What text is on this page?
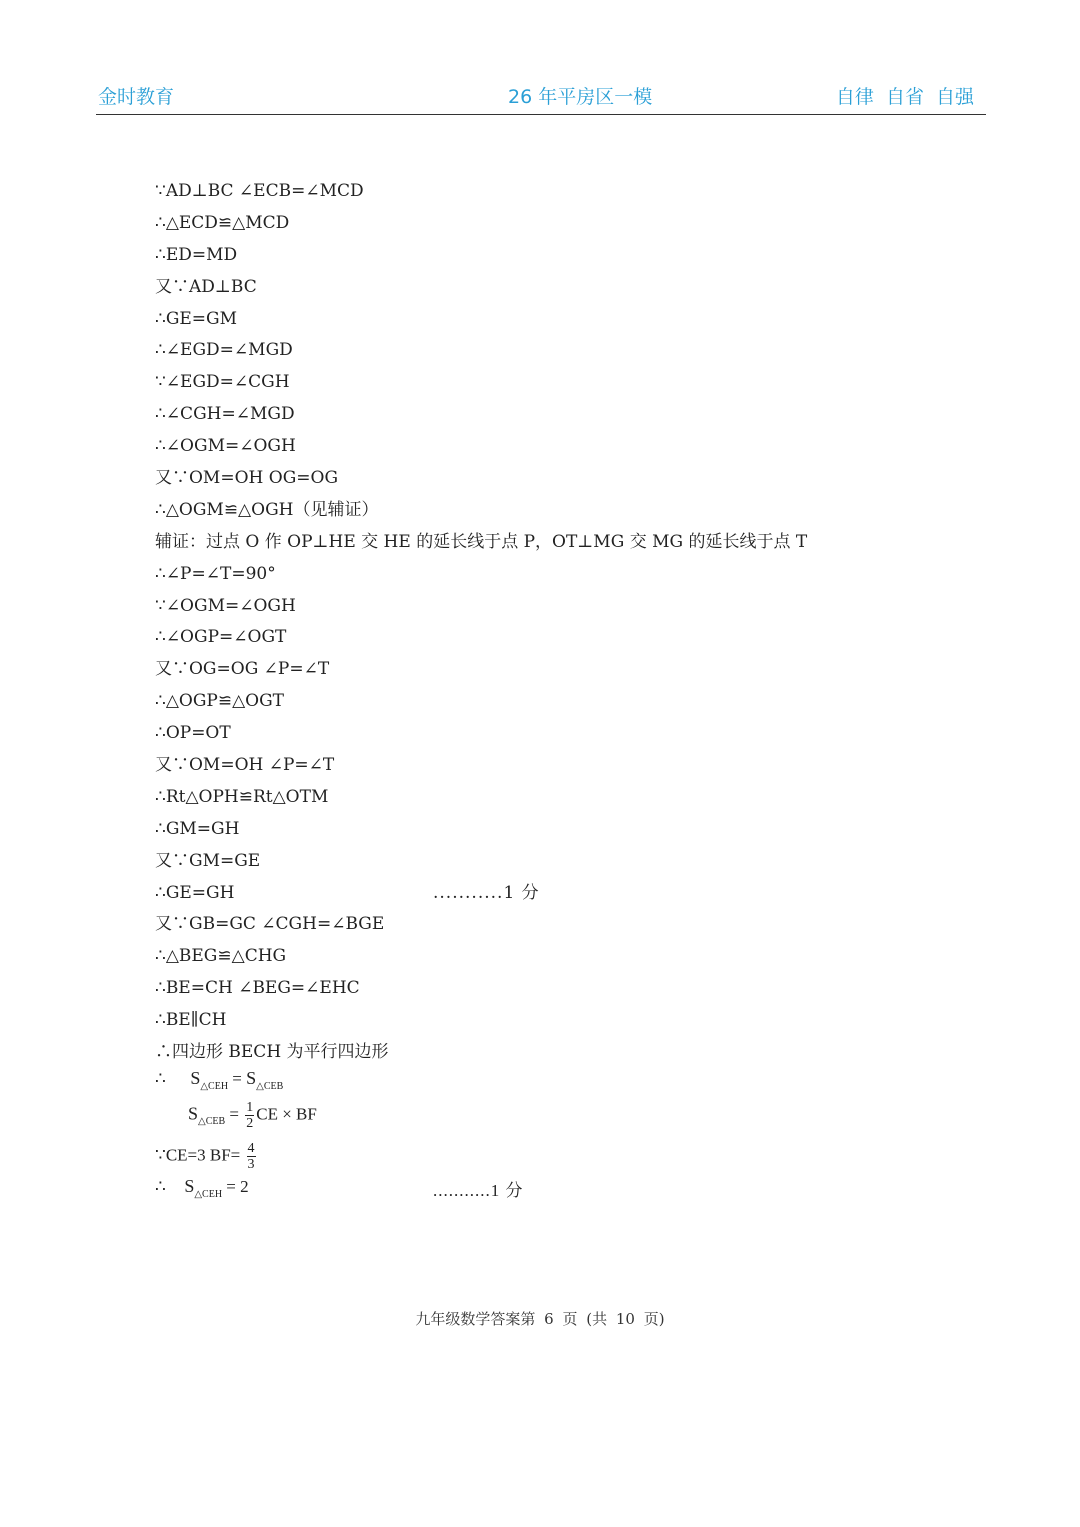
金时教育	26 年平房区一模	自律 自省 自强
∵AD⊥BC ∠ECB=∠MCD
∴△ECD≌△MCD
∴ED=MD
又∵AD⊥BC
∴GE=GM
∴∠EGD=∠MGD
∵∠EGD=∠CGH
∴∠CGH=∠MGD
∴∠OGM=∠OGH
又∵OM=OH OG=OG
∴△OGM≌△OGH（见辅证）
辅证：过点 O 作 OP⊥HE 交 HE 的延长线于点 P，OT⊥MG 交 MG 的延长线于点 T
∴∠P=∠T=90°
∵∠OGM=∠OGH
∴∠OGP=∠OGT
又∵OG=OG ∠P=∠T
∴△OGP≌△OGT
∴OP=OT
又∵OM=OH ∠P=∠T
∴Rt△OPH≌Rt△OTM
∴GM=GH
又∵GM=GE
∴GE=GH	...........1 分
又∵GB=GC ∠CGH=∠BGE
∴△BEG≌△CHG
∴BE=CH ∠BEG=∠EHC
∴BE∥CH
∴四边形 BECH 为平行四边形
∴ $S_{\triangle CEH} = S_{\triangle CEB}$
$S_{\triangle CEB} = \frac{1}{2}$ CE × BF
∵CE=3 $BF= \frac{4}{3}$
∴ $S_{\triangle CEH} = 2$	...........1 分
九年级数学答案第 6 页 (共 10 页)
